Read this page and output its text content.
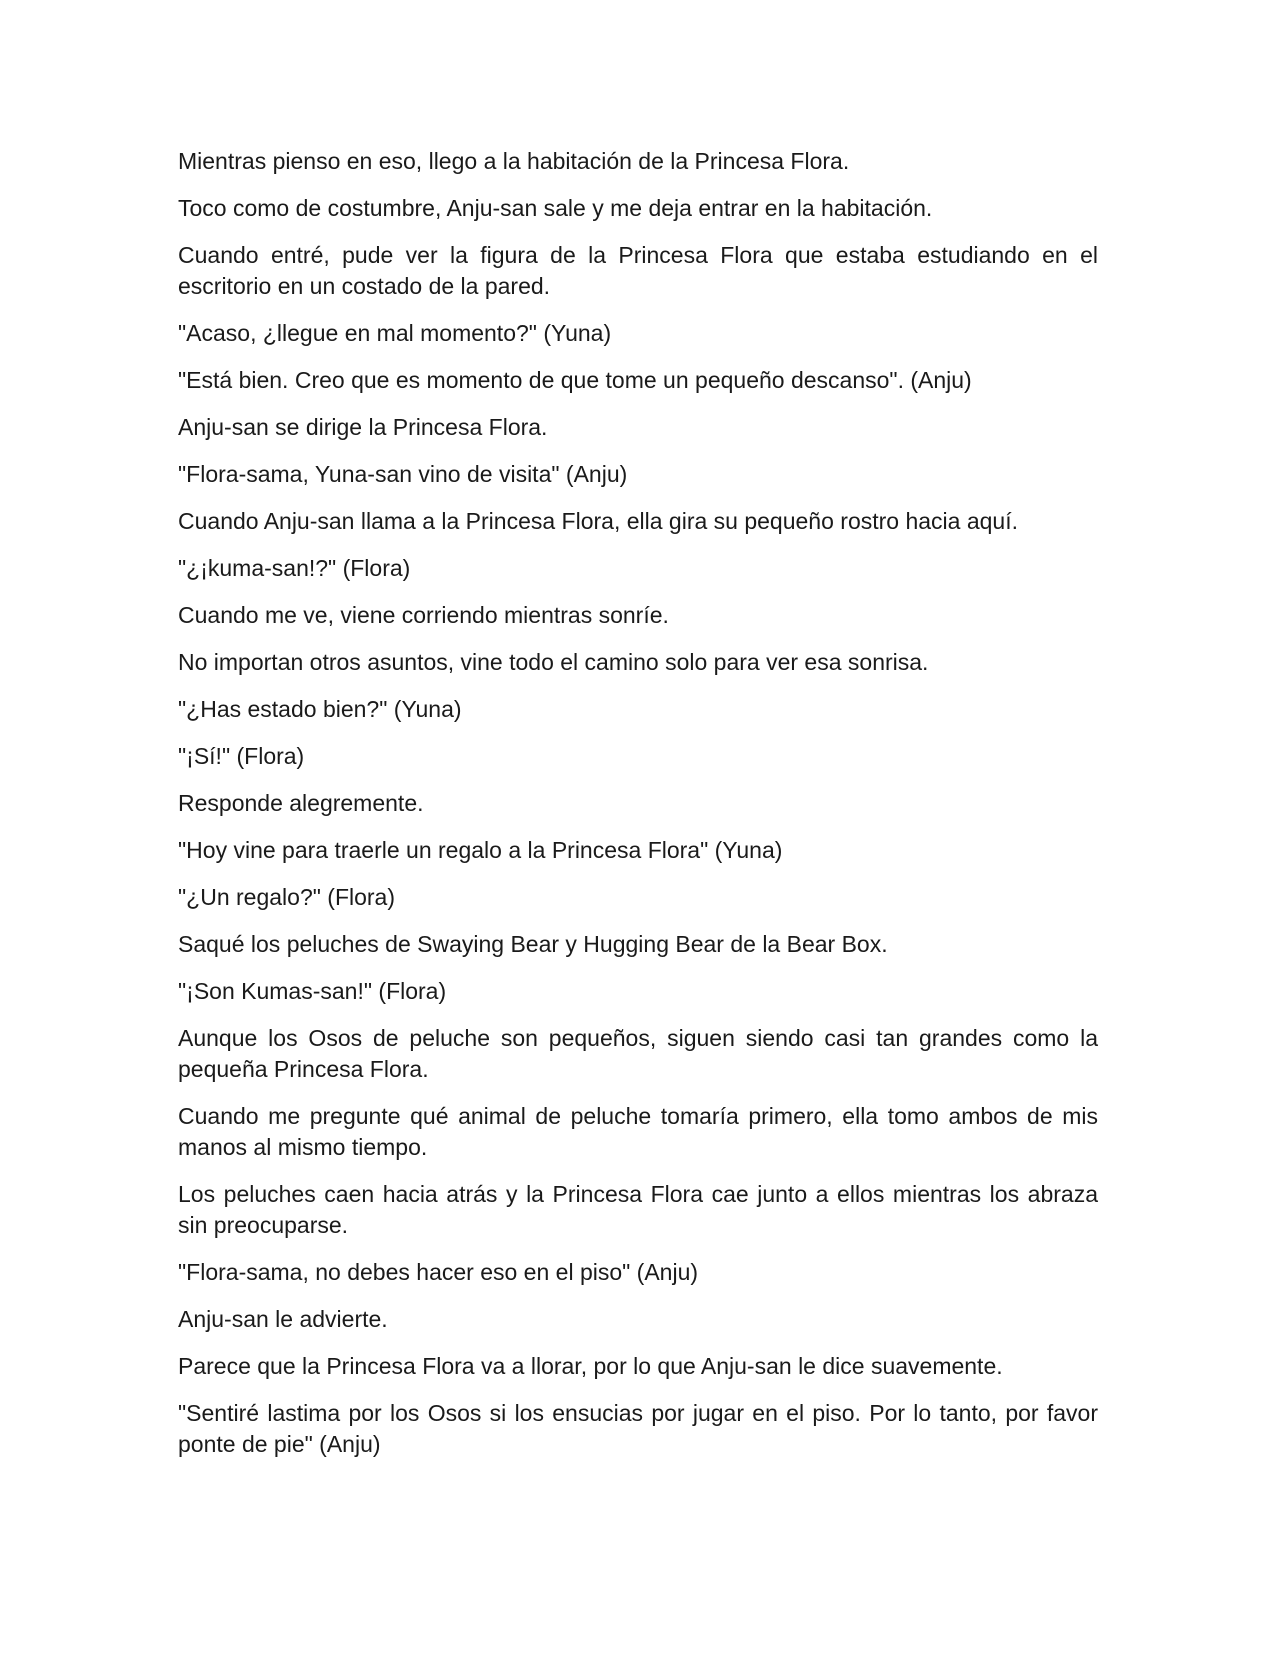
Mientras pienso en eso, llego a la habitación de la Princesa Flora.

Toco como de costumbre, Anju-san sale y me deja entrar en la habitación.

Cuando entré, pude ver la figura de la Princesa Flora que estaba estudiando en el escritorio en un costado de la pared.

"Acaso, ¿llegue en mal momento?" (Yuna)

"Está bien. Creo que es momento de que tome un pequeño descanso". (Anju)

Anju-san se dirige la Princesa Flora.

"Flora-sama, Yuna-san vino de visita" (Anju)

Cuando Anju-san llama a la Princesa Flora, ella gira su pequeño rostro hacia aquí.

"¿¡kuma-san!?" (Flora)

Cuando me ve, viene corriendo mientras sonríe.

No importan otros asuntos, vine todo el camino solo para ver esa sonrisa.

"¿Has estado bien?" (Yuna)

"¡Sí!" (Flora)

Responde alegremente.

"Hoy vine para traerle un regalo a la Princesa Flora" (Yuna)

"¿Un regalo?" (Flora)

Saqué los peluches de Swaying Bear y Hugging Bear de la Bear Box.

"¡Son Kumas-san!" (Flora)

Aunque los Osos de peluche son pequeños, siguen siendo casi tan grandes como la pequeña Princesa Flora.

Cuando me pregunte qué animal de peluche tomaría primero, ella tomo ambos de mis manos al mismo tiempo.

Los peluches caen hacia atrás y la Princesa Flora cae junto a ellos mientras los abraza sin preocuparse.

"Flora-sama, no debes hacer eso en el piso" (Anju)

Anju-san le advierte.

Parece que la Princesa Flora va a llorar, por lo que Anju-san le dice suavemente.

"Sentiré lastima por los Osos si los ensucias por jugar en el piso. Por lo tanto, por favor ponte de pie" (Anju)
